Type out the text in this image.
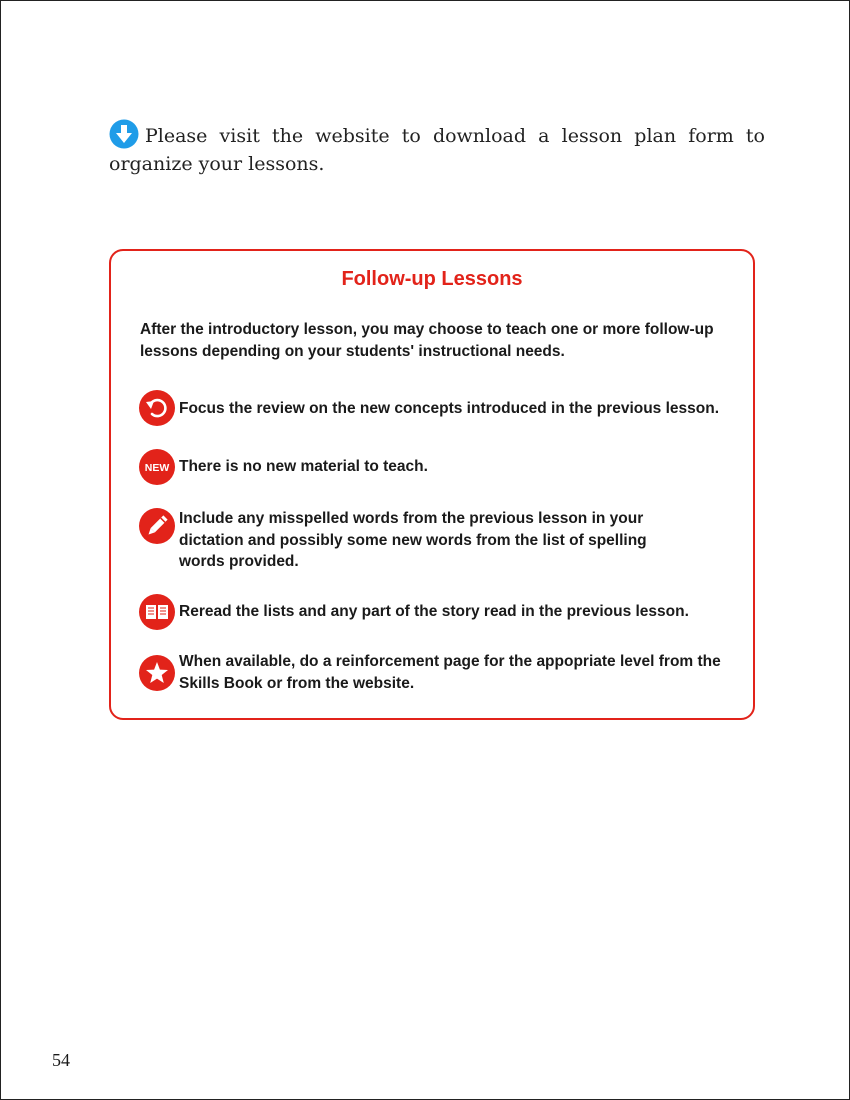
Please visit the website to download a lesson plan form to organize your lessons.
Follow-up Lessons
After the introductory lesson, you may choose to teach one or more follow-up lessons depending on your students' instructional needs.
Focus the review on the new concepts introduced in the previous lesson.
NEW There is no new material to teach.
Include any misspelled words from the previous lesson in your dictation and possibly some new words from the list of spelling words provided.
Reread the lists and any part of the story read in the previous lesson.
When available, do a reinforcement page for the appopriate level from the Skills Book or from the website.
54
